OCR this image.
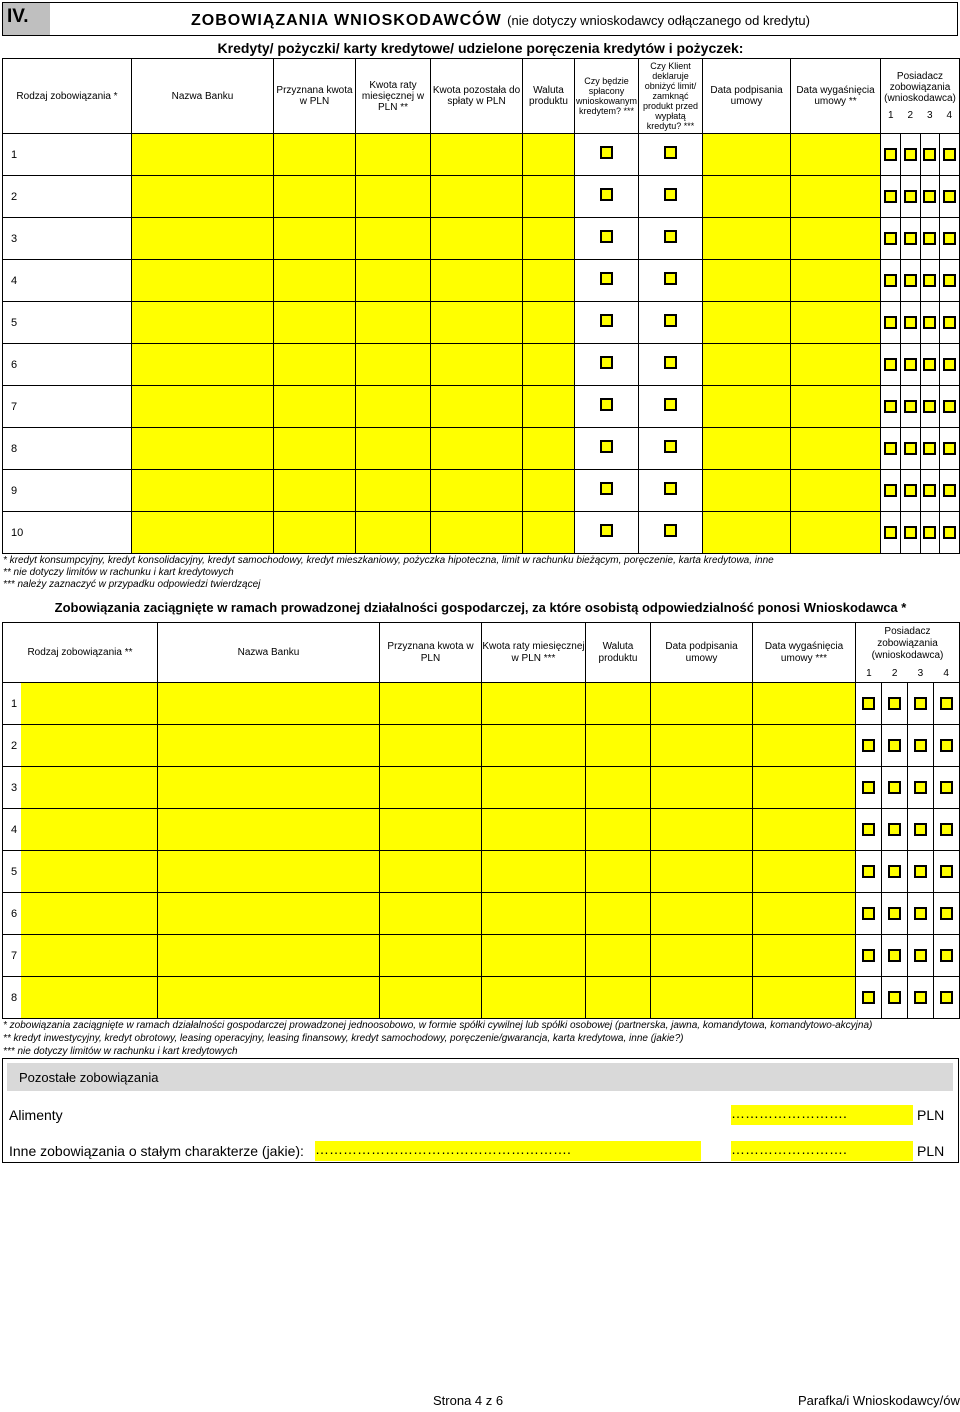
IV.	ZOBOWIĄZANIA WNIOSKODAWCÓW (nie dotyczy wnioskodawcy odłączanego od kredytu)
Kredyty/ pożyczki/ karty kredytowe/ udzielone poręczenia kredytów i pożyczek:
Rodzaj zobowiązania *	Nazwa Banku	Przyznana kwota w PLN	Kwota raty miesięcznej w PLN **	Kwota pozostała do spłaty w PLN	Waluta produktu	Czy będzie spłacony wnioskowanym kredytem? ***	Czy Klient deklaruje obniżyć limit/ zamknąć produkt przed wypłatą kredytu? ***	Data podpisania umowy	Data wygaśnięcia umowy **	Posiadacz zobowiązania (wnioskodawca)
1 2 3 4

1										

2										

3										

4										

5										

6										

7										

8										

9										

10										
* kredyt konsumpcyjny, kredyt konsolidacyjny, kredyt samochodowy, kredyt mieszkaniowy, pożyczka hipoteczna, limit w rachunku bieżącym, poręczenie, karta kredytowa, inne
** nie dotyczy limitów w rachunku i kart kredytowych
*** należy zaznaczyć w przypadku odpowiedzi twierdzącej
Zobowiązania zaciągnięte w ramach prowadzonej działalności gospodarczej, za które osobistą odpowiedzialność ponosi Wnioskodawca *
Rodzaj zobowiązania **	Nazwa Banku	Przyznana kwota w PLN	Kwota raty miesięcznej w PLN ***	Waluta produktu	Data podpisania umowy	Data wygaśnięcia umowy ***	Posiadacz zobowiązania (wnioskodawca)
1 2 3 4

1

2

3

4

5

6

7

8

* zobowiązania zaciągnięte w ramach działalności gospodarczej prowadzonej jednoosobowo, w formie spółki cywilnej lub spółki osobowej (partnerska, jawna, komandytowa, komandytowo-akcyjna)
** kredyt inwestycyjny, kredyt obrotowy, leasing operacyjny, leasing finansowy, kredyt samochodowy, poręczenie/gwarancja, karta kredytowa, inne (jakie?)
*** nie dotyczy limitów w rachunku i kart kredytowych
Pozostałe zobowiązania
Alimenty	…………………….	PLN
Inne zobowiązania o stałym charakterze (jakie): ……………………………………………….	…………………….	PLN
Strona 4 z 6	Parafka/i Wnioskodawcy/ów
